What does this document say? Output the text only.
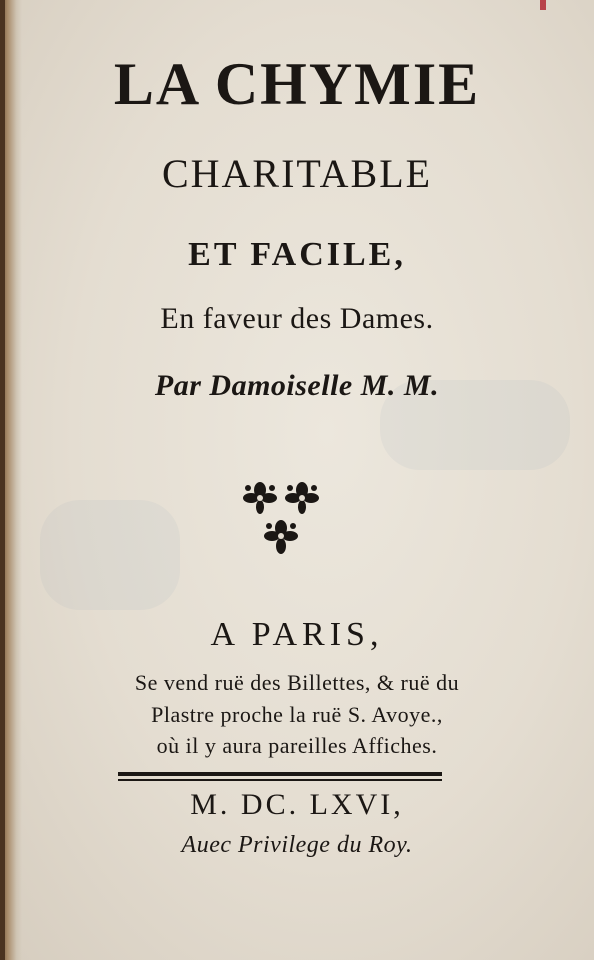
LA CHYMIE
CHARITABLE
ET FACILE,
En faveur des Dames.
Par Damoiselle M. M.
A PARIS,
Se vend ruë des Billettes, & ruë du
Plastre proche la ruë S. Avoye.,
où il y aura pareilles Affiches.
M. DC. LXVI,
Auec Privilege du Roy.
